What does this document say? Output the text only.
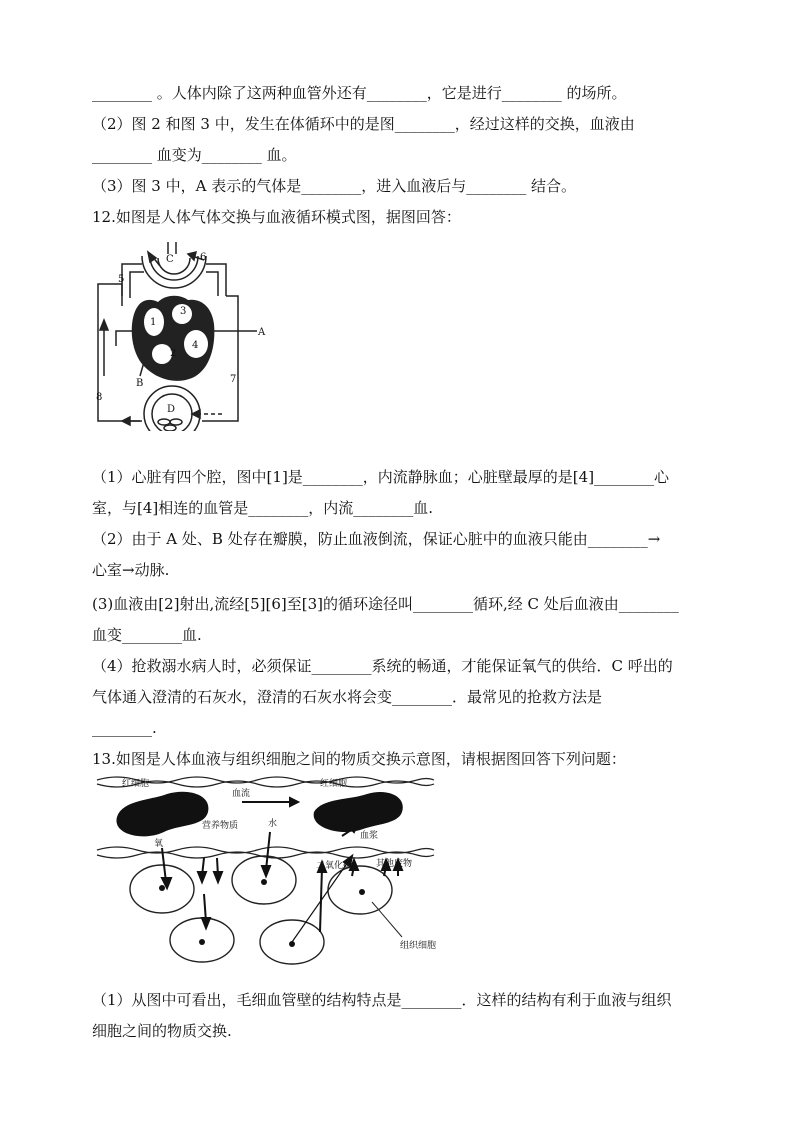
________ 。人体内除了这两种血管外还有________，它是进行________ 的场所。
（2）图 2 和图 3 中，发生在体循环中的是图________，经过这样的交换，血液由
________ 血变为________ 血。
（3）图 3 中，A 表示的气体是________，进入血液后与________ 结合。
12.如图是人体气体交换与血液循环模式图，据图回答：
C
D
A
B
1
2
3
4
5
6
7
8
（1）心脏有四个腔，图中[1]是________，内流静脉血；心脏壁最厚的是[4]________心
室，与[4]相连的血管是________，内流________血.
（2）由于 A 处、B 处存在瓣膜，防止血液倒流，保证心脏中的血液只能由________→
心室→动脉.
(3)血液由[2]射出,流经[5][6]至[3]的循环途径叫________循环,经 C 处后血液由________
血变________血.
（4）抢救溺水病人时，必须保证________系统的畅通，才能保证氧气的供给．C 呼出的
气体通入澄清的石灰水，澄清的石灰水将会变________．最常见的抢救方法是
________.
13.如图是人体血液与组织细胞之间的物质交换示意图，请根据图回答下列问题：
红细胞
血流
红细胞
营养物质	水
血浆
氧
二氧化碳	其他废物
组织细胞
（1）从图中可看出，毛细血管壁的结构特点是________．这样的结构有利于血液与组织
细胞之间的物质交换.
